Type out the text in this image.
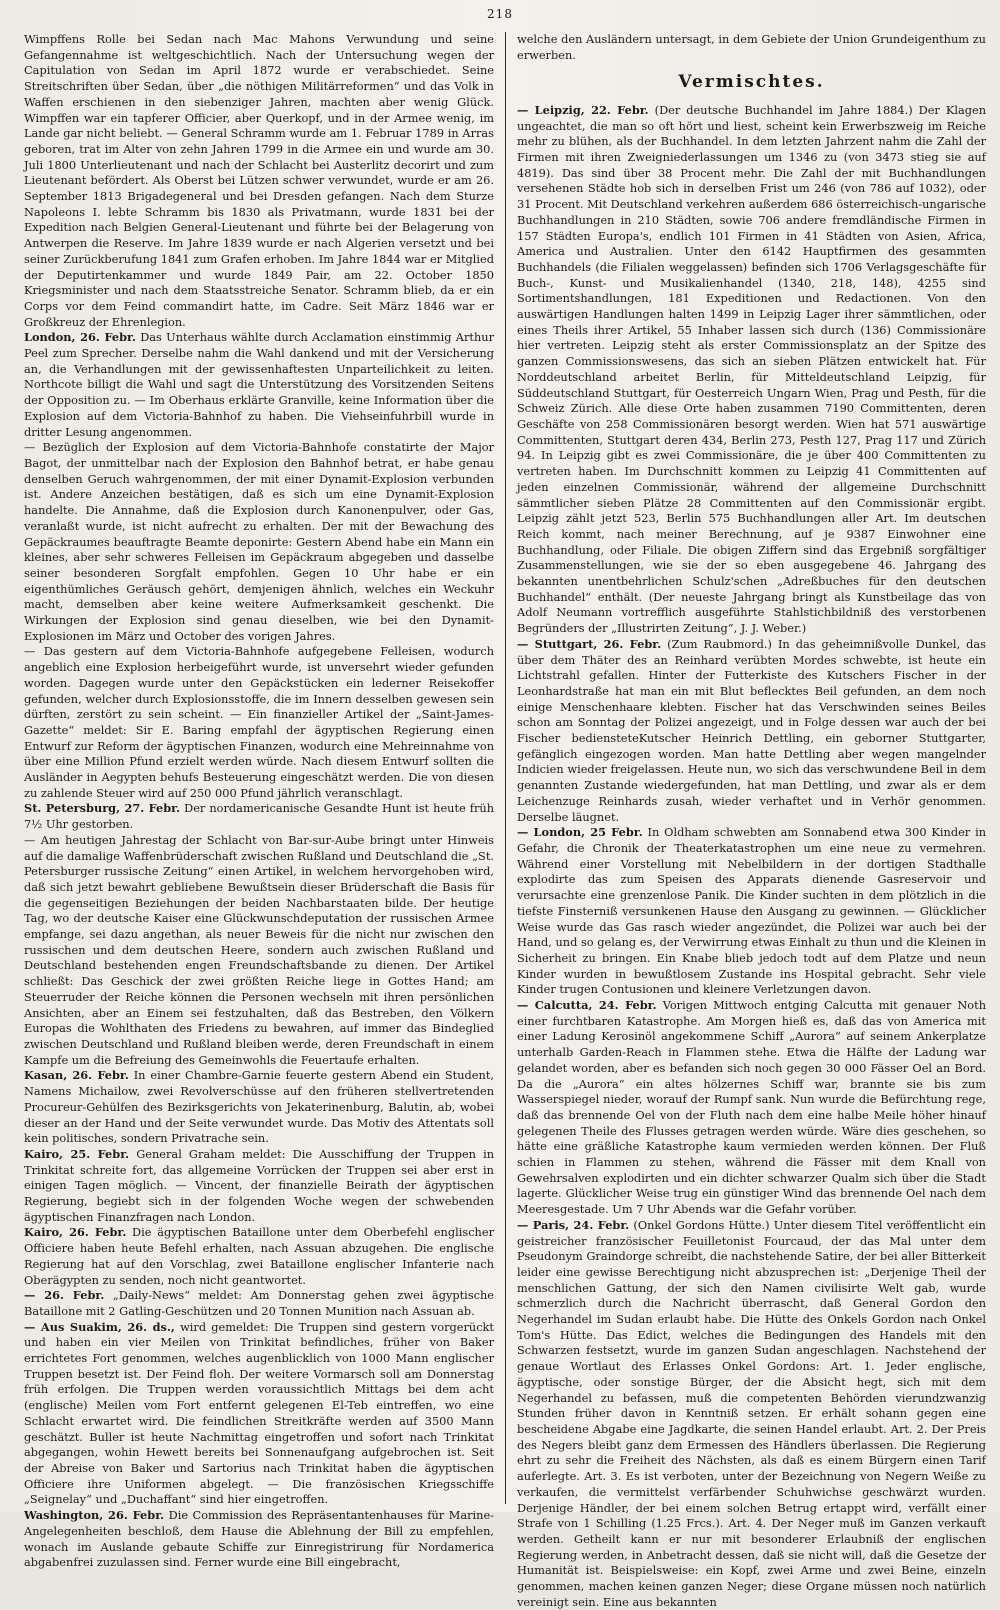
218

Wimpffens Rolle bei Sedan nach Mac Mahons Verwundung und seine Gefangennahme ist weltgeschichtlich. Nach der Untersuchung wegen der Capitulation von Sedan im April 1872 wurde er verabschiedet. Seine Streitschriften über Sedan, über „die nöthigen Militärreformen“ und das Volk in Waffen erschienen in den siebenziger Jahren, machten aber wenig Glück. Wimpffen war ein tapferer Officier, aber Querkopf, und in der Armee wenig, im Lande gar nicht beliebt. — General Schramm wurde am 1. Februar 1789 in Arras geboren, trat im Alter von zehn Jahren 1799 in die Armee ein und wurde am 30. Juli 1800 Unterlieutenant und nach der Schlacht bei Austerlitz decorirt und zum Lieutenant befördert. Als Oberst bei Lützen schwer verwundet, wurde er am 26. September 1813 Brigadegeneral und bei Dresden gefangen. Nach dem Sturze Napoleons I. lebte Schramm bis 1830 als Privatmann, wurde 1831 bei der Expedition nach Belgien General-Lieutenant und führte bei der Belagerung von Antwerpen die Reserve. Im Jahre 1839 wurde er nach Algerien versetzt und bei seiner Zurückberufung 1841 zum Grafen erhoben. Im Jahre 1844 war er Mitglied der Deputirtenkammer und wurde 1849 Pair, am 22. October 1850 Kriegsminister und nach dem Staatsstreiche Senator. Schramm blieb, da er ein Corps vor dem Feind commandirt hatte, im Cadre. Seit März 1846 war er Großkreuz der Ehrenlegion.

London, 26. Febr. Das Unterhaus wählte durch Acclamation einstimmig Arthur Peel zum Sprecher. Derselbe nahm die Wahl dankend und mit der Versicherung an, die Verhandlungen mit der gewissenhaftesten Unparteilichkeit zu leiten. Northcote billigt die Wahl und sagt die Unterstützung des Vorsitzenden Seitens der Opposition zu. — Im Oberhaus erklärte Granville, keine Information über die Explosion auf dem Victoria-Bahnhof zu haben. Die Viehseinfuhrbill wurde in dritter Lesung angenommen.

— Bezüglich der Explosion auf dem Victoria-Bahnhofe constatirte der Major Bagot, der unmittelbar nach der Explosion den Bahnhof betrat, er habe genau denselben Geruch wahrgenommen, der mit einer Dynamit-Explosion verbunden ist. Andere Anzeichen bestätigen, daß es sich um eine Dynamit-Explosion handelte. Die Annahme, daß die Explosion durch Kanonenpulver, oder Gas, veranlaßt wurde, ist nicht aufrecht zu erhalten. Der mit der Bewachung des Gepäckraumes beauftragte Beamte deponirte: Gestern Abend habe ein Mann ein kleines, aber sehr schweres Felleisen im Gepäckraum abgegeben und dasselbe seiner besonderen Sorgfalt empfohlen. Gegen 10 Uhr habe er ein eigenthümliches Geräusch gehört, demjenigen ähnlich, welches ein Weckuhr macht, demselben aber keine weitere Aufmerksamkeit geschenkt. Die Wirkungen der Explosion sind genau dieselben, wie bei den Dynamit-Explosionen im März und October des vorigen Jahres.

— Das gestern auf dem Victoria-Bahnhofe aufgegebene Felleisen, wodurch angeblich eine Explosion herbeigeführt wurde, ist unversehrt wieder gefunden worden. Dagegen wurde unter den Gepäckstücken ein lederner Reisekoffer gefunden, welcher durch Explosionsstoffe, die im Innern desselben gewesen sein dürften, zerstört zu sein scheint. — Ein finanzieller Artikel der „Saint-James-Gazette“ meldet: Sir E. Baring empfahl der ägyptischen Regierung einen Entwurf zur Reform der ägyptischen Finanzen, wodurch eine Mehreinnahme von über eine Million Pfund erzielt werden würde. Nach diesem Entwurf sollten die Ausländer in Aegypten behufs Besteuerung eingeschätzt werden. Die von diesen zu zahlende Steuer wird auf 250 000 Pfund jährlich veranschlagt.

St. Petersburg, 27. Febr. Der nordamericanische Gesandte Hunt ist heute früh 7½ Uhr gestorben.

— Am heutigen Jahrestag der Schlacht von Bar-sur-Aube bringt unter Hinweis auf die damalige Waffenbrüderschaft zwischen Rußland und Deutschland die „St. Petersburger russische Zeitung“ einen Artikel, in welchem hervorgehoben wird, daß sich jetzt bewahrt gebliebene Bewußtsein dieser Brüderschaft die Basis für die gegenseitigen Beziehungen der beiden Nachbarstaaten bilde. Der heutige Tag, wo der deutsche Kaiser eine Glückwunschdeputation der russischen Armee empfange, sei dazu angethan, als neuer Beweis für die nicht nur zwischen den russischen und dem deutschen Heere, sondern auch zwischen Rußland und Deutschland bestehenden engen Freundschaftsbande zu dienen. Der Artikel schließt: Das Geschick der zwei größten Reiche liege in Gottes Hand; am Steuerruder der Reiche können die Personen wechseln mit ihren persönlichen Ansichten, aber an Einem sei festzuhalten, daß das Bestreben, den Völkern Europas die Wohlthaten des Friedens zu bewahren, auf immer das Bindeglied zwischen Deutschland und Rußland bleiben werde, deren Freundschaft in einem Kampfe um die Befreiung des Gemeinwohls die Feuertaufe erhalten.

Kasan, 26. Febr. In einer Chambre-Garnie feuerte gestern Abend ein Student, Namens Michailow, zwei Revolverschüsse auf den früheren stellvertretenden Procureur-Gehülfen des Bezirksgerichts von Jekaterinenburg, Balutin, ab, wobei dieser an der Hand und der Seite verwundet wurde. Das Motiv des Attentats soll kein politisches, sondern Privatrache sein.

Kairo, 25. Febr. General Graham meldet: Die Ausschiffung der Truppen in Trinkitat schreite fort, das allgemeine Vorrücken der Truppen sei aber erst in einigen Tagen möglich. — Vincent, der finanzielle Beirath der ägyptischen Regierung, begiebt sich in der folgenden Woche wegen der schwebenden ägyptischen Finanzfragen nach London.

Kairo, 26. Febr. Die ägyptischen Bataillone unter dem Oberbefehl englischer Officiere haben heute Befehl erhalten, nach Assuan abzugehen. Die englische Regierung hat auf den Vorschlag, zwei Bataillone englischer Infanterie nach Oberägypten zu senden, noch nicht geantwortet.

— 26. Febr. „Daily-News“ meldet: Am Donnerstag gehen zwei ägyptische Bataillone mit 2 Gatling-Geschützen und 20 Tonnen Munition nach Assuan ab.

— Aus Suakim, 26. ds., wird gemeldet: Die Truppen sind gestern vorgerückt und haben ein vier Meilen von Trinkitat befindliches, früher von Baker errichtetes Fort genommen, welches augenblicklich von 1000 Mann englischer Truppen besetzt ist. Der Feind floh. Der weitere Vormarsch soll am Donnerstag früh erfolgen. Die Truppen werden voraussichtlich Mittags bei dem acht (englische) Meilen vom Fort entfernt gelegenen El-Teb eintreffen, wo eine Schlacht erwartet wird. Die feindlichen Streitkräfte werden auf 3500 Mann geschätzt. Buller ist heute Nachmittag eingetroffen und sofort nach Trinkitat abgegangen, wohin Hewett bereits bei Sonnenaufgang aufgebrochen ist. Seit der Abreise von Baker und Sartorius nach Trinkitat haben die ägyptischen Officiere ihre Uniformen abgelegt. — Die französischen Kriegsschiffe „Seignelay“ und „Duchaffant“ sind hier eingetroffen.

Washington, 26. Febr. Die Commission des Repräsentantenhauses für Marine-Angelegenheiten beschloß, dem Hause die Ablehnung der Bill zu empfehlen, wonach im Auslande gebaute Schiffe zur Einregistrirung für Nordamerica abgabenfrei zuzulassen sind. Ferner wurde eine Bill eingebracht,

welche den Ausländern untersagt, in dem Gebiete der Union Grundeigenthum zu erwerben.

Vermischtes.

— Leipzig, 22. Febr. (Der deutsche Buchhandel im Jahre 1884.) Der Klagen ungeachtet, die man so oft hört und liest, scheint kein Erwerbszweig im Reiche mehr zu blühen, als der Buchhandel. In dem letzten Jahrzent nahm die Zahl der Firmen mit ihren Zweigniederlassungen um 1346 zu (von 3473 stieg sie auf 4819). Das sind über 38 Procent mehr. Die Zahl der mit Buchhandlungen versehenen Städte hob sich in derselben Frist um 246 (von 786 auf 1032), oder 31 Procent. Mit Deutschland verkehren außerdem 686 österreichisch-ungarische Buchhandlungen in 210 Städten, sowie 706 andere fremdländische Firmen in 157 Städten Europa's, endlich 101 Firmen in 41 Städten von Asien, Africa, America und Australien. Unter den 6142 Hauptfirmen des gesammten Buchhandels (die Filialen weggelassen) befinden sich 1706 Verlagsgeschäfte für Buch-, Kunst- und Musikalienhandel (1340, 218, 148), 4255 sind Sortimentshandlungen, 181 Expeditionen und Redactionen. Von den auswärtigen Handlungen halten 1499 in Leipzig Lager ihrer sämmtlichen, oder eines Theils ihrer Artikel, 55 Inhaber lassen sich durch (136) Commissionäre hier vertreten. Leipzig steht als erster Commissionsplatz an der Spitze des ganzen Commissionswesens, das sich an sieben Plätzen entwickelt hat. Für Norddeutschland arbeitet Berlin, für Mitteldeutschland Leipzig, für Süddeutschland Stuttgart, für Oesterreich Ungarn Wien, Prag und Pesth, für die Schweiz Zürich. Alle diese Orte haben zusammen 7190 Committenten, deren Geschäfte von 258 Commissionären besorgt werden. Wien hat 571 auswärtige Committenten, Stuttgart deren 434, Berlin 273, Pesth 127, Prag 117 und Zürich 94. In Leipzig gibt es zwei Commissionäre, die je über 400 Committenten zu vertreten haben. Im Durchschnitt kommen zu Leipzig 41 Committenten auf jeden einzelnen Commissionär, während der allgemeine Durchschnitt sämmtlicher sieben Plätze 28 Committenten auf den Commissionär ergibt. Leipzig zählt jetzt 523, Berlin 575 Buchhandlungen aller Art. Im deutschen Reich kommt, nach meiner Berechnung, auf je 9387 Einwohner eine Buchhandlung, oder Filiale. Die obigen Ziffern sind das Ergebniß sorgfältiger Zusammenstellungen, wie sie der so eben ausgegebene 46. Jahrgang des bekannten unentbehrlichen Schulz'schen „Adreßbuches für den deutschen Buchhandel“ enthält. (Der neueste Jahrgang bringt als Kunstbeilage das von Adolf Neumann vortrefflich ausgeführte Stahlstichbildniß des verstorbenen Begründers der „Illustrirten Zeitung“, J. J. Weber.)

— Stuttgart, 26. Febr. (Zum Raubmord.) In das geheimnißvolle Dunkel, das über dem Thäter des an Reinhard verübten Mordes schwebte, ist heute ein Lichtstrahl gefallen. Hinter der Futterkiste des Kutschers Fischer in der Leonhardstraße hat man ein mit Blut beflecktes Beil gefunden, an dem noch einige Menschenhaare klebten. Fischer hat das Verschwinden seines Beiles schon am Sonntag der Polizei angezeigt, und in Folge dessen war auch der bei Fischer bediensteteKutscher Heinrich Dettling, ein geborner Stuttgarter, gefänglich eingezogen worden. Man hatte Dettling aber wegen mangelnder Indicien wieder freigelassen. Heute nun, wo sich das verschwundene Beil in dem genannten Zustande wiedergefunden, hat man Dettling, und zwar als er dem Leichenzuge Reinhards zusah, wieder verhaftet und in Verhör genommen. Derselbe läugnet.

— London, 25 Febr. In Oldham schwebten am Sonnabend etwa 300 Kinder in Gefahr, die Chronik der Theaterkatastrophen um eine neue zu vermehren. Während einer Vorstellung mit Nebelbildern in der dortigen Stadthalle explodirte das zum Speisen des Apparats dienende Gasreservoir und verursachte eine grenzenlose Panik. Die Kinder suchten in dem plötzlich in die tiefste Finsterniß versunkenen Hause den Ausgang zu gewinnen. — Glücklicher Weise wurde das Gas rasch wieder angezündet, die Polizei war auch bei der Hand, und so gelang es, der Verwirrung etwas Einhalt zu thun und die Kleinen in Sicherheit zu bringen. Ein Knabe blieb jedoch todt auf dem Platze und neun Kinder wurden in bewußtlosem Zustande ins Hospital gebracht. Sehr viele Kinder trugen Contusionen und kleinere Verletzungen davon.

— Calcutta, 24. Febr. Vorigen Mittwoch entging Calcutta mit genauer Noth einer furchtbaren Katastrophe. Am Morgen hieß es, daß das von America mit einer Ladung Kerosinöl angekommene Schiff „Aurora“ auf seinem Ankerplatze unterhalb Garden-Reach in Flammen stehe. Etwa die Hälfte der Ladung war gelandet worden, aber es befanden sich noch gegen 30 000 Fässer Oel an Bord. Da die „Aurora“ ein altes hölzernes Schiff war, brannte sie bis zum Wasserspiegel nieder, worauf der Rumpf sank. Nun wurde die Befürchtung rege, daß das brennende Oel von der Fluth nach dem eine halbe Meile höher hinauf gelegenen Theile des Flusses getragen werden würde. Wäre dies geschehen, so hätte eine gräßliche Katastrophe kaum vermieden werden können. Der Fluß schien in Flammen zu stehen, während die Fässer mit dem Knall von Gewehrsalven explodirten und ein dichter schwarzer Qualm sich über die Stadt lagerte. Glücklicher Weise trug ein günstiger Wind das brennende Oel nach dem Meeresgestade. Um 7 Uhr Abends war die Gefahr vorüber.

— Paris, 24. Febr. (Onkel Gordons Hütte.) Unter diesem Titel veröffentlicht ein geistreicher französischer Feuilletonist Fourcaud, der das Mal unter dem Pseudonym Graindorge schreibt, die nachstehende Satire, der bei aller Bitterkeit leider eine gewisse Berechtigung nicht abzusprechen ist: „Derjenige Theil der menschlichen Gattung, der sich den Namen civilisirte Welt gab, wurde schmerzlich durch die Nachricht überrascht, daß General Gordon den Negerhandel im Sudan erlaubt habe. Die Hütte des Onkels Gordon nach Onkel Tom's Hütte. Das Edict, welches die Bedingungen des Handels mit den Schwarzen festsetzt, wurde im ganzen Sudan angeschlagen. Nachstehend der genaue Wortlaut des Erlasses Onkel Gordons: Art. 1. Jeder englische, ägyptische, oder sonstige Bürger, der die Absicht hegt, sich mit dem Negerhandel zu befassen, muß die competenten Behörden vierundzwanzig Stunden früher davon in Kenntniß setzen. Er erhält sohann gegen eine bescheidene Abgabe eine Jagdkarte, die seinen Handel erlaubt. Art. 2. Der Preis des Negers bleibt ganz dem Ermessen des Händlers überlassen. Die Regierung ehrt zu sehr die Freiheit des Nächsten, als daß es einem Bürgern einen Tarif auferlegte. Art. 3. Es ist verboten, unter der Bezeichnung von Negern Weiße zu verkaufen, die vermittelst verfärbender Schuhwichse geschwärzt wurden. Derjenige Händler, der bei einem solchen Betrug ertappt wird, verfällt einer Strafe von 1 Schilling (1.25 Frcs.). Art. 4. Der Neger muß im Ganzen verkauft werden. Getheilt kann er nur mit besonderer Erlaubniß der englischen Regierung werden, in Anbetracht dessen, daß sie nicht will, daß die Gesetze der Humanität ist. Beispielsweise: ein Kopf, zwei Arme und zwei Beine, einzeln genommen, machen keinen ganzen Neger; diese Organe müssen noch natürlich vereinigt sein. Eine aus bekannten
